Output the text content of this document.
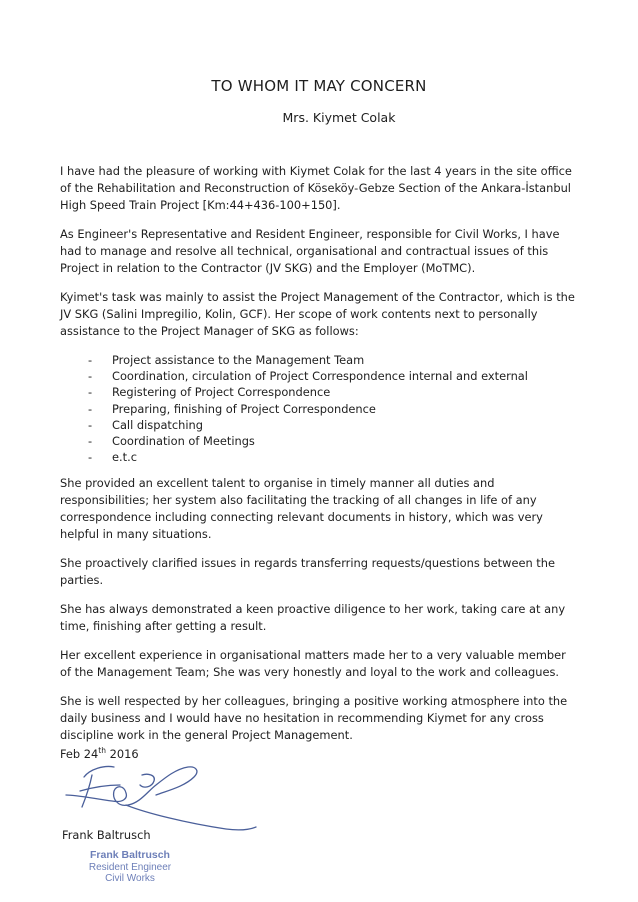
TO WHOM IT MAY CONCERN
Mrs. Kiymet Colak

I have had the pleasure of working with Kiymet Colak for the last 4 years in the site office of the Rehabilitation and Reconstruction of Köseköy-Gebze Section of the Ankara-İstanbul High Speed Train Project [Km:44+436-100+150].

As Engineer's Representative and Resident Engineer, responsible for Civil Works, I have had to manage and resolve all technical, organisational and contractual issues of this Project in relation to the Contractor (JV SKG) and the Employer (MoTMC).

Kyimet's task was mainly to assist the Project Management of the Contractor, which is the JV SKG (Salini Impregilio, Kolin, GCF). Her scope of work contents next to personally assistance to the Project Manager of SKG as follows:

- Project assistance to the Management Team
- Coordination, circulation of Project Correspondence internal and external
- Registering of Project Correspondence
- Preparing, finishing of Project Correspondence
- Call dispatching
- Coordination of Meetings
- e.t.c

She provided an excellent talent to organise in timely manner all duties and responsibilities; her system also facilitating the tracking of all changes in life of any correspondence including connecting relevant documents in history, which was very helpful in many situations.

She proactively clarified issues in regards transferring requests/questions between the parties.

She has always demonstrated a keen proactive diligence to her work, taking care at any time, finishing after getting a result.

Her excellent experience in organisational matters made her to a very valuable member of the Management Team; She was very honestly and loyal to the work and colleagues.

She is well respected by her colleagues, bringing a positive working atmosphere into the daily business and I would have no hesitation in recommending Kiymet for any cross discipline work in the general Project Management.

Feb 24th 2016
Frank Baltrusch
Frank Baltrusch
Resident Engineer
Civil Works
